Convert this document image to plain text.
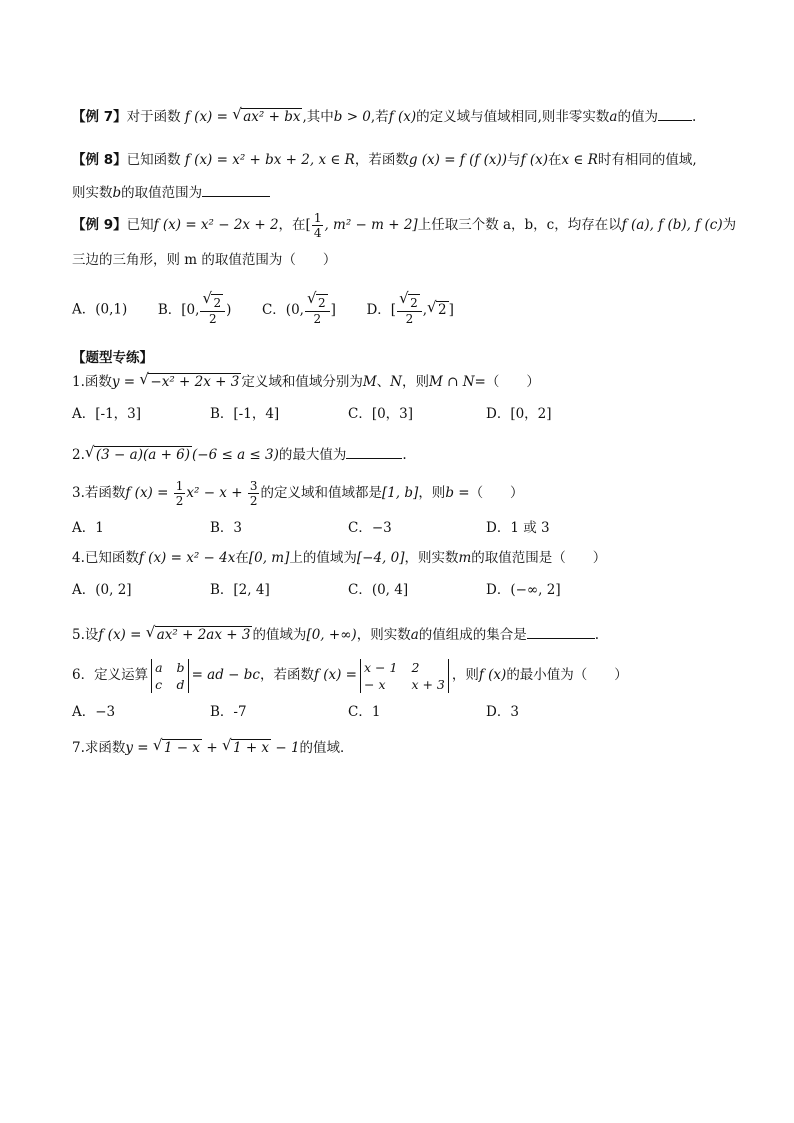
【例 7】对于函数 f (x) = √ ax² + bx ,其中b > 0,若f (x)的定义域与值域相同,则非零实数a的值为	.
【例 8】已知函数 f (x) = x² + bx + 2, x ∈ R，若函数g (x) = f (f (x))与f (x)在x ∈ R时有相同的值域,
则实数b的取值范围为
【例 9】已知f (x) = x² − 2x + 2，在[ $\frac{1}{4}$ , m² − m + 2]上任取三个数 a，b，c，均存在以f (a), f (b), f (c)为
三边的三角形，则 m 的取值范围为（　　）
A．(0,1) B．[0, √ $\frac{2}{2}$ ) C．(0, √ $\frac{2}{2}$ ] D．[ √ $\frac{2}{2}$ , √ 2 ]
【题型专练】
1.函数y = √ −x² + 2x + 3 定义域和值域分别为M、N，则M ∩ N=（　　）
A．[-1，3]	B．[-1，4]	C．[0，3]	D．[0，2]
2. √ (3 − a)(a + 6) (−6 ≤ a ≤ 3)的最大值为	.
3.若函数f $(x) = \frac{1}{2} x^2 - x + \frac{3}{2}$ 的定义域和值域都是[1, b]，则b =（　　）
A．1	B．3	C．−3	D．1 或 3
4.已知函数f (x) = x² − 4x在[0, m]上的值域为[−4, 0]，则实数m的取值范围是（　　）
A．(0, 2]	B．[2, 4]	C．(0, 4]	D．(−∞, 2]
5.设f (x) = √ ax² + 2ax + 3 的值域为[0, +∞)，则实数a的值组成的集合是	.
6．定义运算 a b
c d
= ad − bc，若函数f (x) = x − 1 2
− x	x + 3
，则f (x)的最小值为（　　）
A．−3	B．-7	C．1	D．3
7.求函数y = √ 1 − x + √ 1 + x − 1的值域．
